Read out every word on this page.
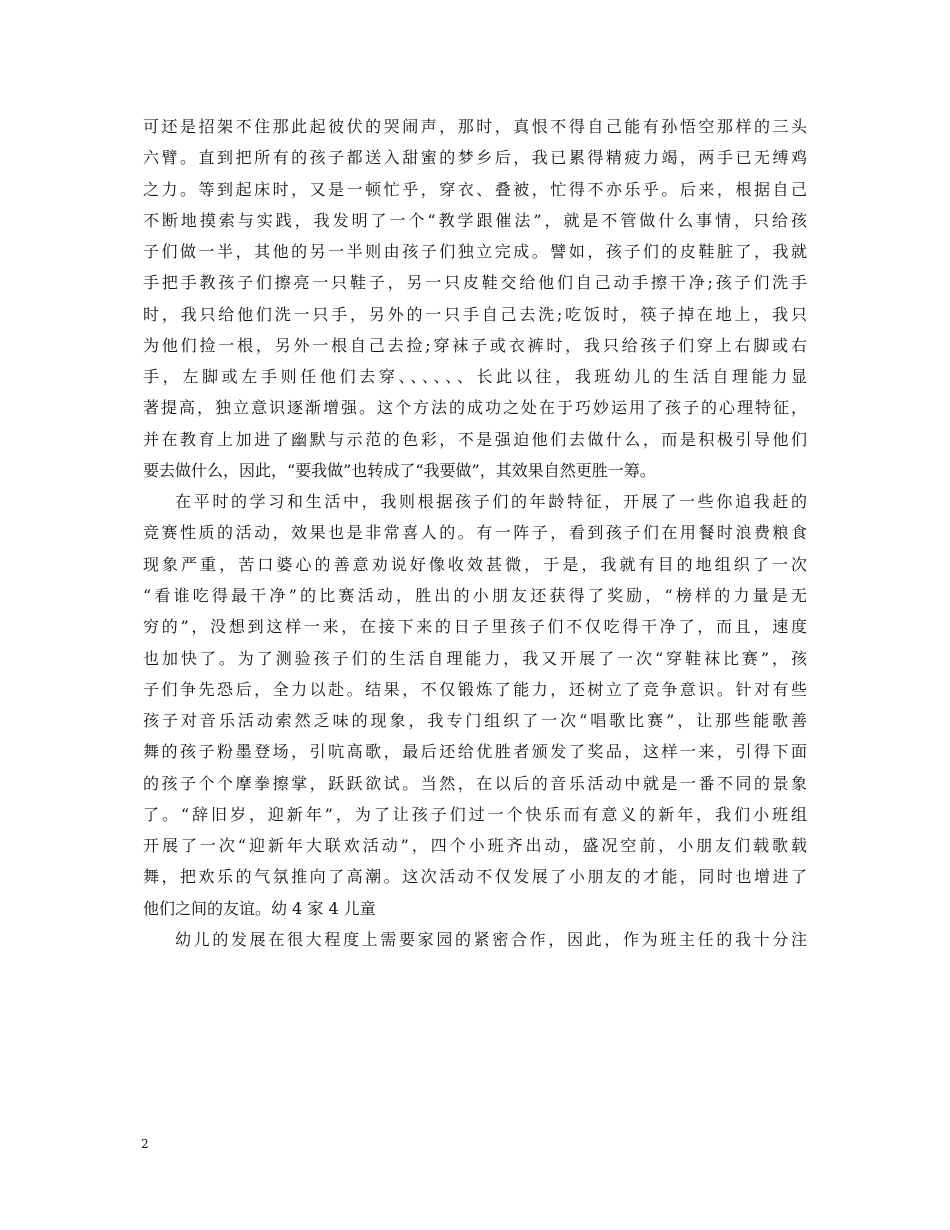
可还是招架不住那此起彼伏的哭闹声，那时，真恨不得自己能有孙悟空那样的三头
六臂。直到把所有的孩子都送入甜蜜的梦乡后，我已累得精疲力竭，两手已无缚鸡
之力。等到起床时，又是一顿忙乎，穿衣、叠被，忙得不亦乐乎。后来，根据自己
不断地摸索与实践，我发明了一个“教学跟催法”，就是不管做什么事情，只给孩
子们做一半，其他的另一半则由孩子们独立完成。譬如，孩子们的皮鞋脏了，我就
手把手教孩子们擦亮一只鞋子，另一只皮鞋交给他们自己动手擦干净;孩子们洗手
时，我只给他们洗一只手，另外的一只手自己去洗;吃饭时，筷子掉在地上，我只
为他们捡一根，另外一根自己去捡;穿袜子或衣裤时，我只给孩子们穿上右脚或右
手，左脚或左手则任他们去穿、、、、、、长此以往，我班幼儿的生活自理能力显
著提高，独立意识逐渐增强。这个方法的成功之处在于巧妙运用了孩子的心理特征，
并在教育上加进了幽默与示范的色彩，不是强迫他们去做什么，而是积极引导他们
要去做什么，因此，“要我做”也转成了“我要做”，其效果自然更胜一筹。
在平时的学习和生活中，我则根据孩子们的年龄特征，开展了一些你追我赶的
竞赛性质的活动，效果也是非常喜人的。有一阵子，看到孩子们在用餐时浪费粮食
现象严重，苦口婆心的善意劝说好像收效甚微，于是，我就有目的地组织了一次
“看谁吃得最干净”的比赛活动，胜出的小朋友还获得了奖励，“榜样的力量是无
穷的”，没想到这样一来，在接下来的日子里孩子们不仅吃得干净了，而且，速度
也加快了。为了测验孩子们的生活自理能力，我又开展了一次“穿鞋袜比赛”，孩
子们争先恐后，全力以赴。结果，不仅锻炼了能力，还树立了竞争意识。针对有些
孩子对音乐活动索然乏味的现象，我专门组织了一次“唱歌比赛”，让那些能歌善
舞的孩子粉墨登场，引吭高歌，最后还给优胜者颁发了奖品，这样一来，引得下面
的孩子个个摩拳擦掌，跃跃欲试。当然，在以后的音乐活动中就是一番不同的景象
了。“辞旧岁，迎新年”，为了让孩子们过一个快乐而有意义的新年，我们小班组
开展了一次“迎新年大联欢活动”，四个小班齐出动，盛况空前，小朋友们载歌载
舞，把欢乐的气氛推向了高潮。这次活动不仅发展了小朋友的才能，同时也增进了
他们之间的友谊。幼 4 家 4 儿童
幼儿的发展在很大程度上需要家园的紧密合作，因此，作为班主任的我十分注
2
